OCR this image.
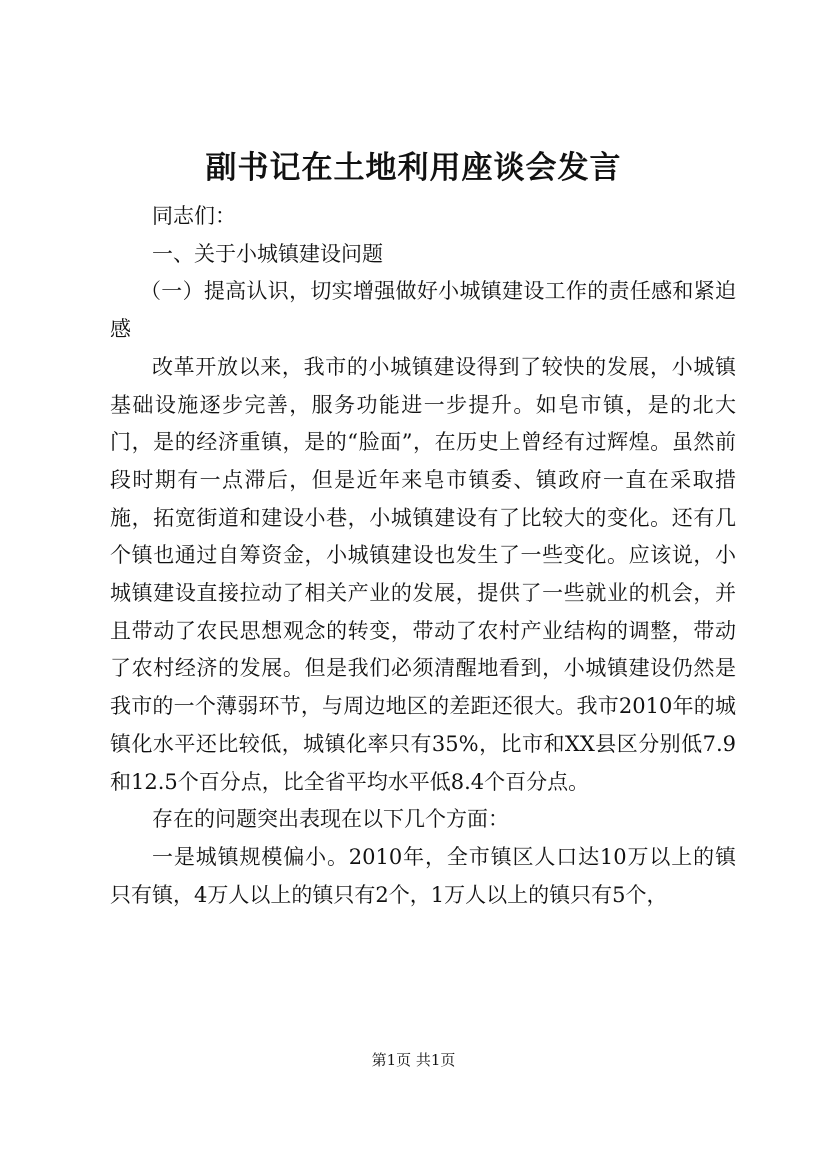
副书记在土地利用座谈会发言

同志们：

一、关于小城镇建设问题

（一）提高认识，切实增强做好小城镇建设工作的责任感和紧迫感

改革开放以来，我市的小城镇建设得到了较快的发展，小城镇基础设施逐步完善，服务功能进一步提升。如皂市镇，是的北大门，是的经济重镇，是的“脸面”，在历史上曾经有过辉煌。虽然前段时期有一点滞后，但是近年来皂市镇委、镇政府一直在采取措施，拓宽街道和建设小巷，小城镇建设有了比较大的变化。还有几个镇也通过自筹资金，小城镇建设也发生了一些变化。应该说，小城镇建设直接拉动了相关产业的发展，提供了一些就业的机会，并且带动了农民思想观念的转变，带动了农村产业结构的调整，带动了农村经济的发展。但是我们必须清醒地看到，小城镇建设仍然是我市的一个薄弱环节，与周边地区的差距还很大。我市2010年的城镇化水平还比较低，城镇化率只有35%，比市和XX县区分别低7.9和12.5个百分点，比全省平均水平低8.4个百分点。

存在的问题突出表现在以下几个方面：

一是城镇规模偏小。2010年，全市镇区人口达10万以上的镇只有镇，4万人以上的镇只有2个，1万人以上的镇只有5个，

第1页 共1页
